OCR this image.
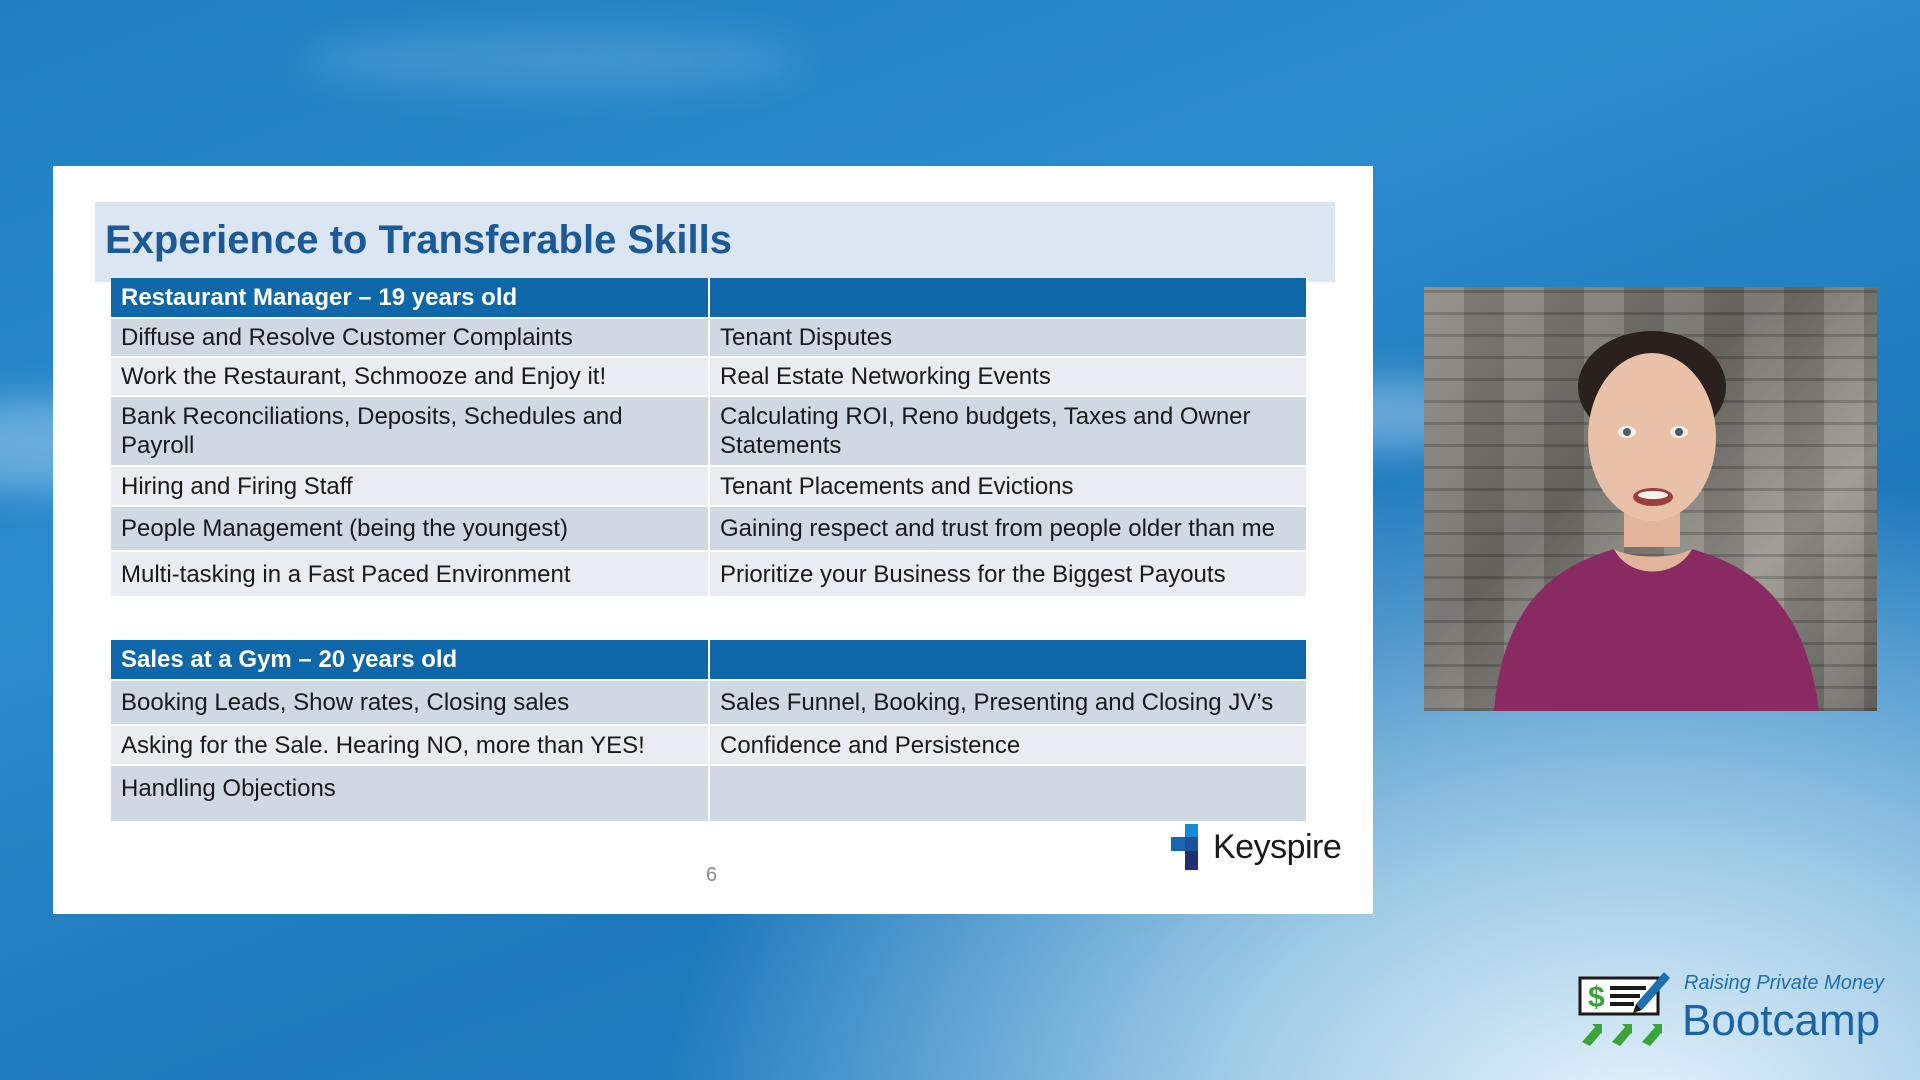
Experience to Transferable Skills
Restaurant Manager – 19 years old	
Diffuse and Resolve Customer Complaints	Tenant Disputes
Work the Restaurant, Schmooze and Enjoy it!	Real Estate Networking Events
Bank Reconciliations, Deposits, Schedules and Payroll	Calculating ROI, Reno budgets, Taxes and Owner Statements
Hiring and Firing Staff	Tenant Placements and Evictions
People Management (being the youngest)	Gaining respect and trust from people older than me
Multi-tasking in a Fast Paced Environment	Prioritize your Business for the Biggest Payouts
Sales at a Gym – 20 years old	
Booking Leads, Show rates, Closing sales	Sales Funnel, Booking, Presenting and Closing JV’s
Asking for the Sale. Hearing NO, more than YES!	Confidence and Persistence
Handling Objections	
6
Keyspire
$	Raising Private Money
Bootcamp
